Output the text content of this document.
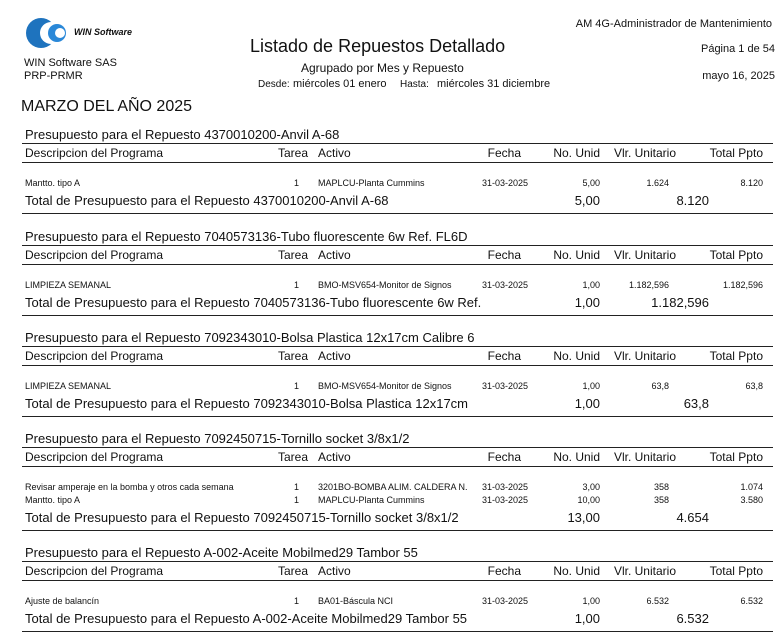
WIN Software
WIN Software SAS
PRP-PRMR
Listado de Repuestos Detallado
Agrupado por Mes y Repuesto
Desde: miércoles 01 enero Hasta: miércoles 31 diciembre
AM 4G-Administrador de Mantenimiento
Página 1 de 54
mayo 16, 2025
MARZO DEL AÑO 2025
Presupuesto para el Repuesto 4370010200-Anvil A-68
Descripcion del Programa	Tarea Activo	Fecha	No. Unid Vlr. Unitario	Total Ppto
Mantto. tipo A	1 MAPLCU-Planta Cummins	31-03-2025	5,00	1.624	8.120
Total de Presupuesto para el Repuesto 4370010200-Anvil A-68	5,00	8.120
Presupuesto para el Repuesto 7040573136-Tubo fluorescente 6w Ref. FL6D
Descripcion del Programa	Tarea Activo	Fecha	No. Unid Vlr. Unitario	Total Ppto
LIMPIEZA SEMANAL	1 BMO-MSV654-Monitor de Signos	31-03-2025	1,00	1.182,596	1.182,596
Total de Presupuesto para el Repuesto 7040573136-Tubo fluorescente 6w Ref.	1,00	1.182,596
Presupuesto para el Repuesto 7092343010-Bolsa Plastica 12x17cm Calibre 6
Descripcion del Programa	Tarea Activo	Fecha	No. Unid Vlr. Unitario	Total Ppto
LIMPIEZA SEMANAL	1 BMO-MSV654-Monitor de Signos	31-03-2025	1,00	63,8	63,8
Total de Presupuesto para el Repuesto 7092343010-Bolsa Plastica 12x17cm	1,00	63,8
Presupuesto para el Repuesto 7092450715-Tornillo socket 3/8x1/2
Descripcion del Programa	Tarea Activo	Fecha	No. Unid Vlr. Unitario	Total Ppto
Revisar amperaje en la bomba y otros cada semana	1 3201BO-BOMBA ALIM. CALDERA N. 31-03-2025	3,00	358	1.074
Mantto. tipo A	1 MAPLCU-Planta Cummins	31-03-2025	10,00	358	3.580
Total de Presupuesto para el Repuesto 7092450715-Tornillo socket 3/8x1/2	13,00	4.654
Presupuesto para el Repuesto A-002-Aceite Mobilmed29 Tambor 55
Descripcion del Programa	Tarea Activo	Fecha	No. Unid Vlr. Unitario	Total Ppto
Ajuste de balancín	1 BA01-Báscula NCI	31-03-2025	1,00	6.532	6.532
Total de Presupuesto para el Repuesto A-002-Aceite Mobilmed29 Tambor 55	1,00	6.532
